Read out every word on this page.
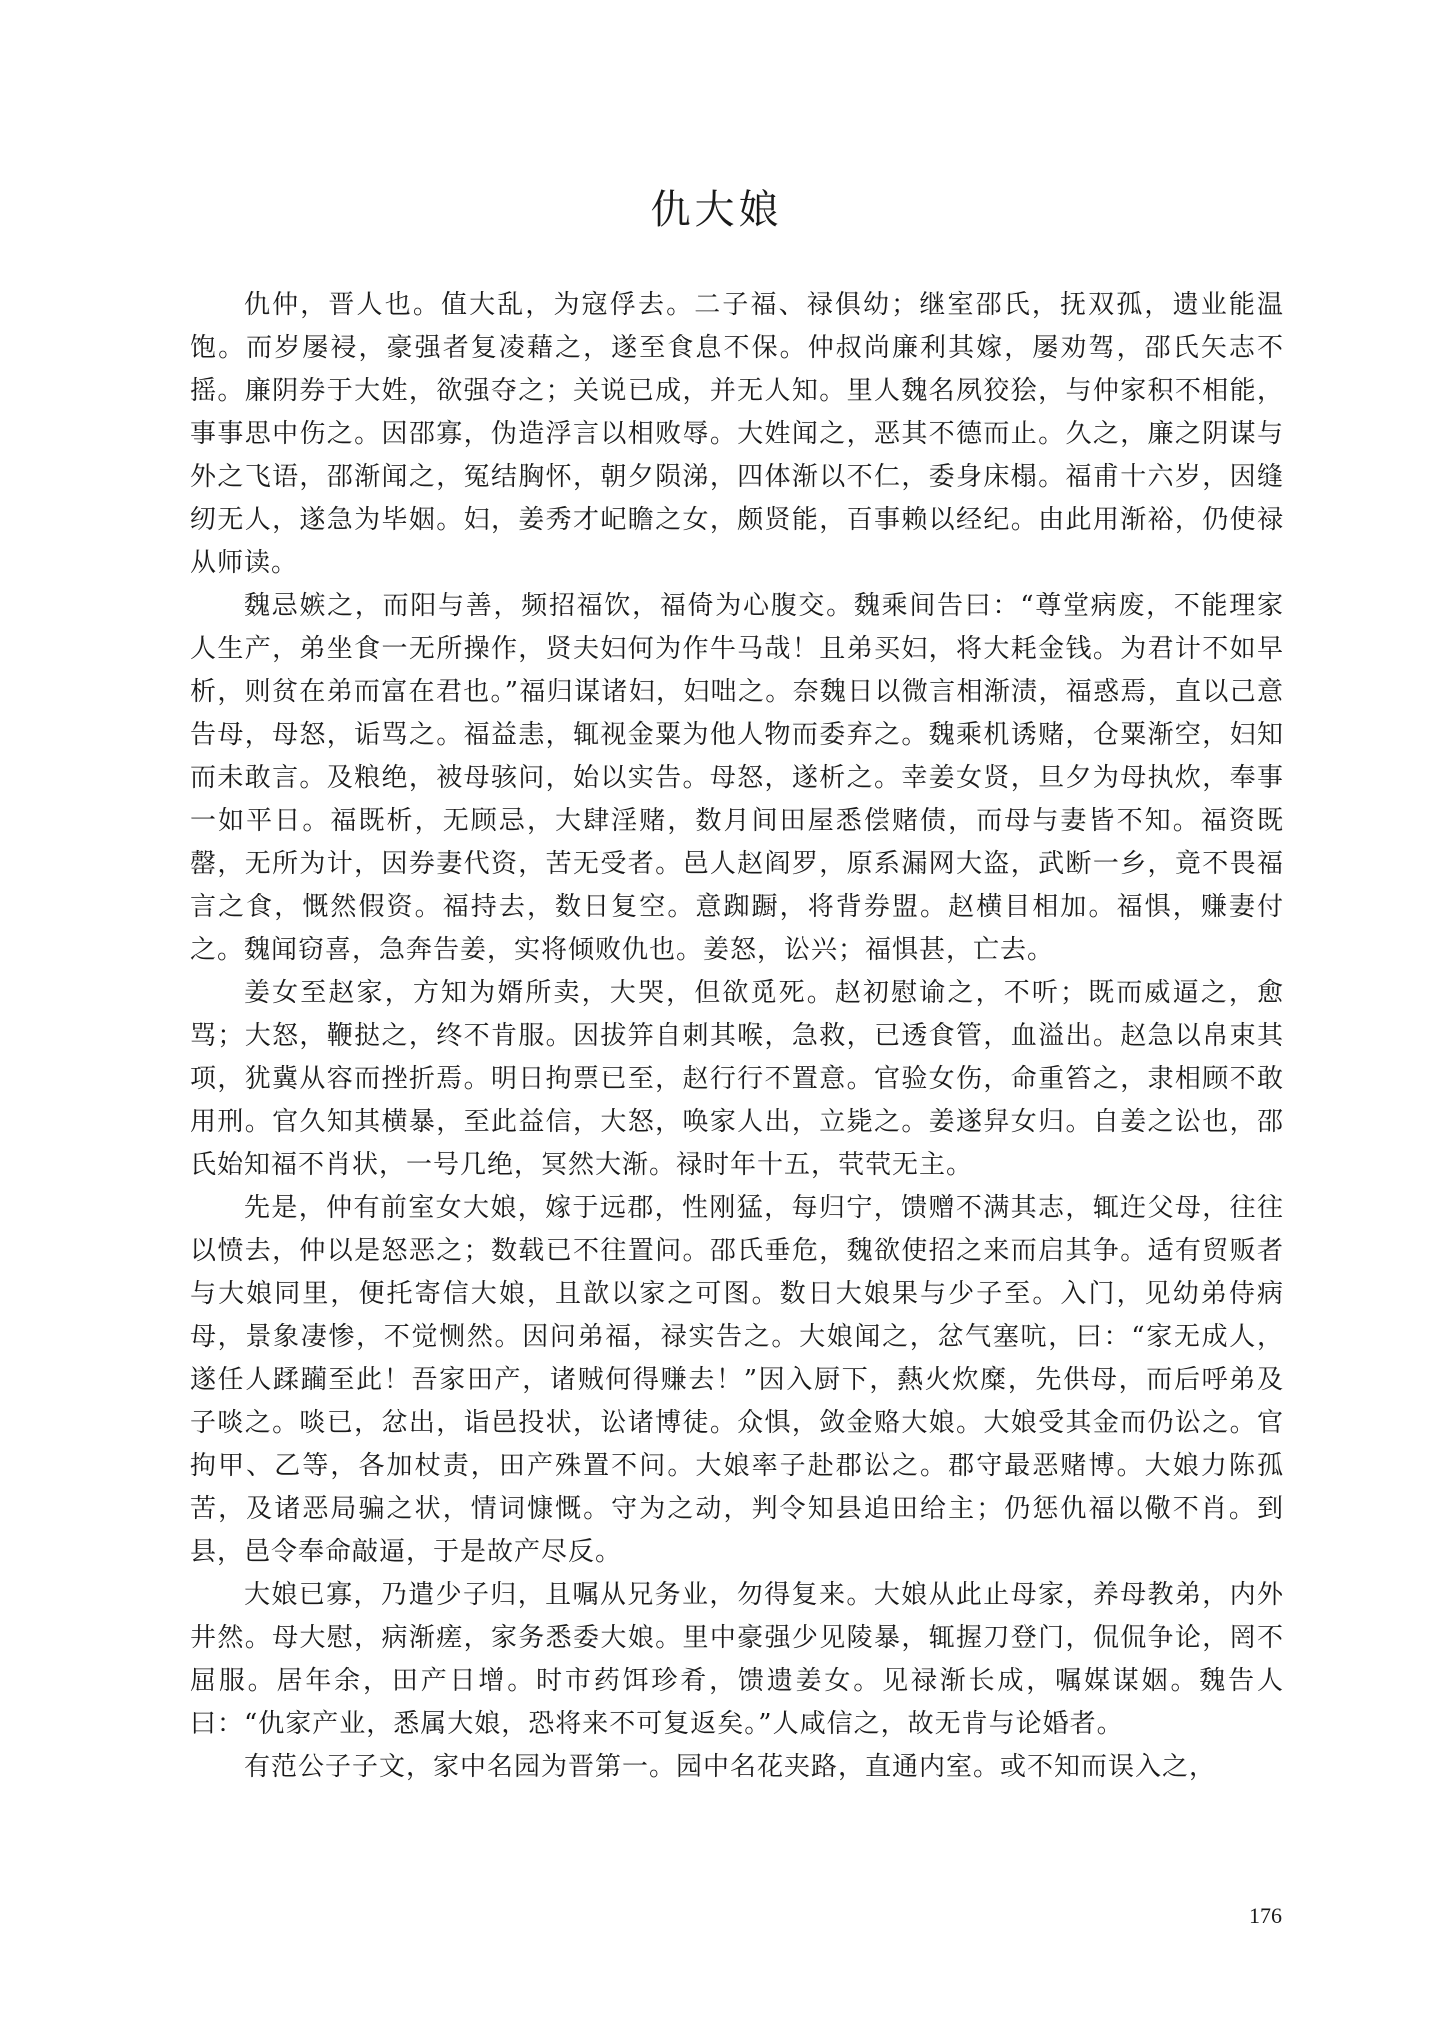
仇大娘

仇仲，晋人也。值大乱，为寇俘去。二子福、禄俱幼；继室邵氏，抚双孤，遗业能温饱。而岁屡祲，豪强者复凌藉之，遂至食息不保。仲叔尚廉利其嫁，屡劝驾，邵氏矢志不摇。廉阴券于大姓，欲强夺之；关说已成，并无人知。里人魏名夙狡狯，与仲家积不相能，事事思中伤之。因邵寡，伪造浮言以相败辱。大姓闻之，恶其不德而止。久之，廉之阴谋与外之飞语，邵渐闻之，冤结胸怀，朝夕陨涕，四体渐以不仁，委身床榻。福甫十六岁，因缝纫无人，遂急为毕姻。妇，姜秀才屺瞻之女，颇贤能，百事赖以经纪。由此用渐裕，仍使禄从师读。

魏忌嫉之，而阳与善，频招福饮，福倚为心腹交。魏乘间告曰：“尊堂病废，不能理家人生产，弟坐食一无所操作，贤夫妇何为作牛马哉！且弟买妇，将大耗金钱。为君计不如早析，则贫在弟而富在君也。”福归谋诸妇，妇咄之。奈魏日以微言相渐渍，福惑焉，直以己意告母，母怒，诟骂之。福益恚，辄视金粟为他人物而委弃之。魏乘机诱赌，仓粟渐空，妇知而未敢言。及粮绝，被母骇问，始以实告。母怒，遂析之。幸姜女贤，旦夕为母执炊，奉事一如平日。福既析，无顾忌，大肆淫赌，数月间田屋悉偿赌债，而母与妻皆不知。福资既罄，无所为计，因券妻代资，苦无受者。邑人赵阎罗，原系漏网大盗，武断一乡，竟不畏福言之食，慨然假资。福持去，数日复空。意踟蹰，将背券盟。赵横目相加。福惧，赚妻付之。魏闻窃喜，急奔告姜，实将倾败仇也。姜怒，讼兴；福惧甚，亡去。

姜女至赵家，方知为婿所卖，大哭，但欲觅死。赵初慰谕之，不听；既而威逼之，愈骂；大怒，鞭挞之，终不肯服。因拔笄自刺其喉，急救，已透食管，血溢出。赵急以帛束其项，犹冀从容而挫折焉。明日拘票已至，赵行行不置意。官验女伤，命重笞之，隶相顾不敢用刑。官久知其横暴，至此益信，大怒，唤家人出，立毙之。姜遂舁女归。自姜之讼也，邵氏始知福不肖状，一号几绝，冥然大渐。禄时年十五，茕茕无主。

先是，仲有前室女大娘，嫁于远郡，性刚猛，每归宁，馈赠不满其志，辄迕父母，往往以愤去，仲以是怒恶之；数载已不往置问。邵氏垂危，魏欲使招之来而启其争。适有贸贩者与大娘同里，便托寄信大娘，且歆以家之可图。数日大娘果与少子至。入门，见幼弟侍病母，景象凄惨，不觉恻然。因问弟福，禄实告之。大娘闻之，忿气塞吭，曰：“家无成人，遂任人蹂躏至此！吾家田产，诸贼何得赚去！”因入厨下，爇火炊糜，先供母，而后呼弟及子啖之。啖已，忿出，诣邑投状，讼诸博徒。众惧，敛金赂大娘。大娘受其金而仍讼之。官拘甲、乙等，各加杖责，田产殊置不问。大娘率子赴郡讼之。郡守最恶赌博。大娘力陈孤苦，及诸恶局骗之状，情词慷慨。守为之动，判令知县追田给主；仍惩仇福以儆不肖。到县，邑令奉命敲逼，于是故产尽反。

大娘已寡，乃遣少子归，且嘱从兄务业，勿得复来。大娘从此止母家，养母教弟，内外井然。母大慰，病渐瘥，家务悉委大娘。里中豪强少见陵暴，辄握刀登门，侃侃争论，罔不屈服。居年余，田产日增。时市药饵珍肴，馈遗姜女。见禄渐长成，嘱媒谋姻。魏告人曰：“仇家产业，悉属大娘，恐将来不可复返矣。”人咸信之，故无肯与论婚者。

有范公子子文，家中名园为晋第一。园中名花夹路，直通内室。或不知而误入之，

176
